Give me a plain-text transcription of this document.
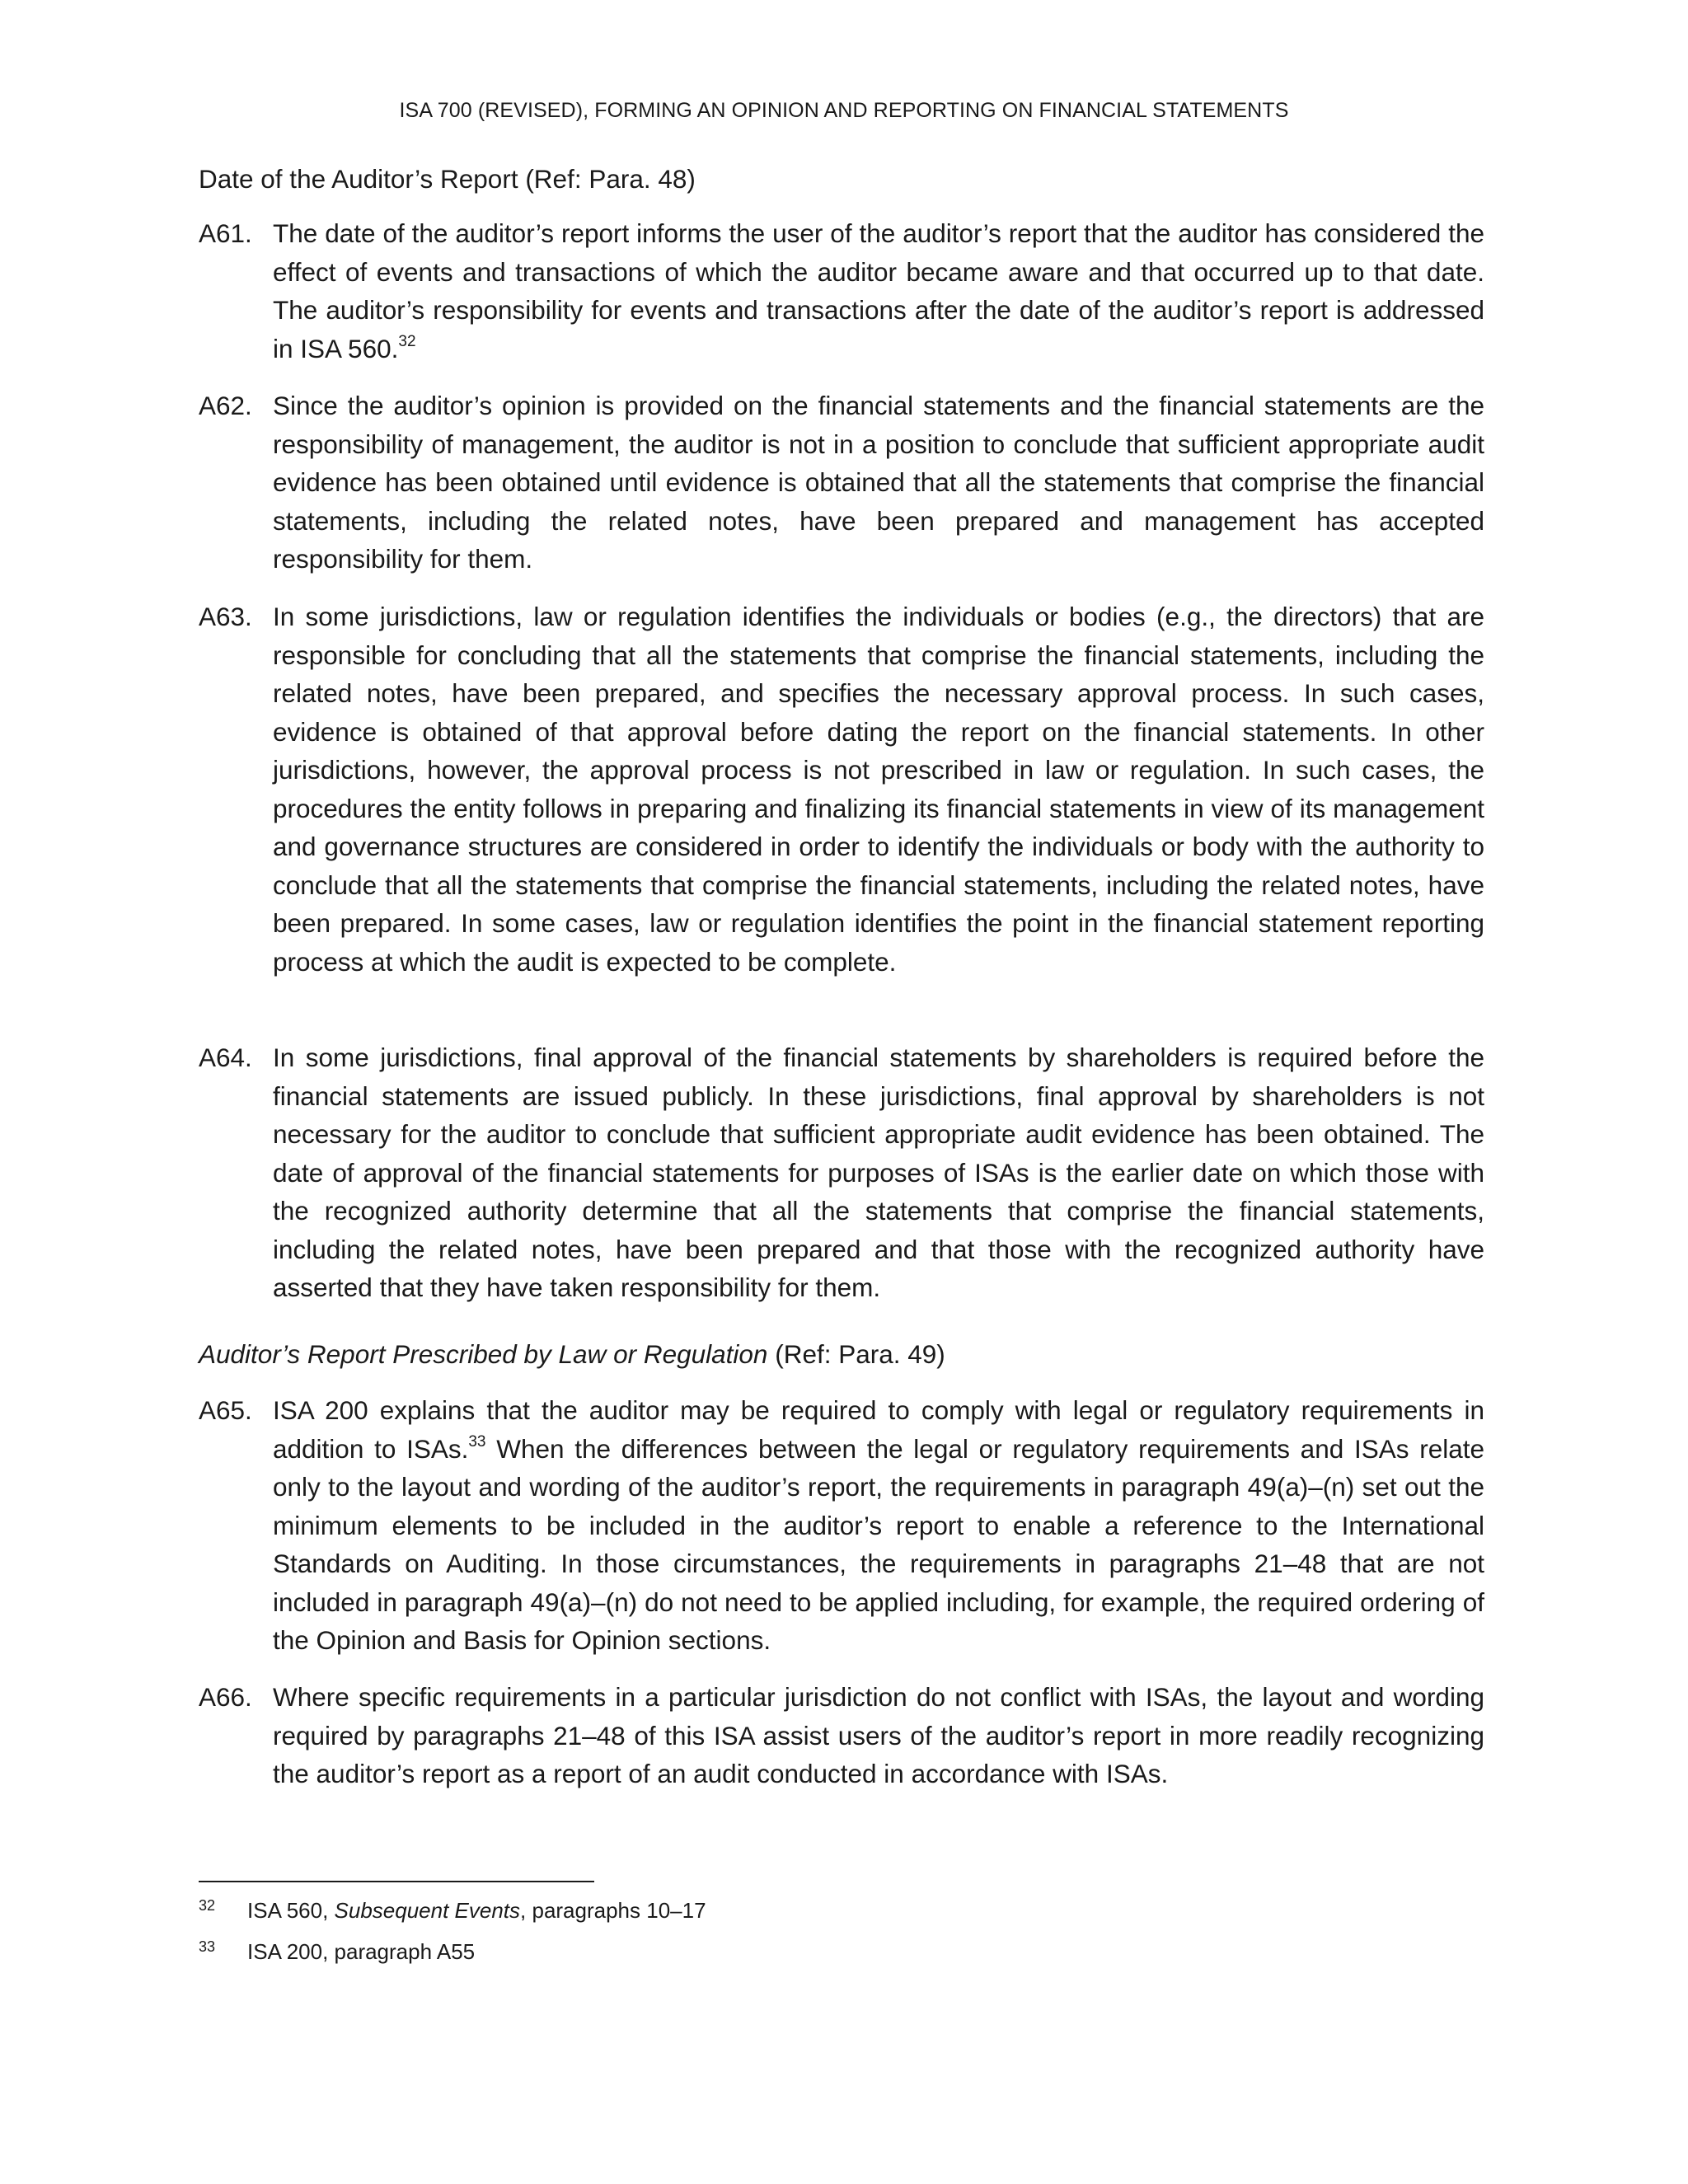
ISA 700 (REVISED), FORMING AN OPINION AND REPORTING ON FINANCIAL STATEMENTS
Date of the Auditor’s Report (Ref: Para. 48)
A61. The date of the auditor’s report informs the user of the auditor’s report that the auditor has considered the effect of events and transactions of which the auditor became aware and that occurred up to that date. The auditor’s responsibility for events and transactions after the date of the auditor’s report is addressed in ISA 560.32
A62. Since the auditor’s opinion is provided on the financial statements and the financial statements are the responsibility of management, the auditor is not in a position to conclude that sufficient appropriate audit evidence has been obtained until evidence is obtained that all the statements that comprise the financial statements, including the related notes, have been prepared and management has accepted responsibility for them.
A63. In some jurisdictions, law or regulation identifies the individuals or bodies (e.g., the directors) that are responsible for concluding that all the statements that comprise the financial statements, including the related notes, have been prepared, and specifies the necessary approval process. In such cases, evidence is obtained of that approval before dating the report on the financial statements. In other jurisdictions, however, the approval process is not prescribed in law or regulation. In such cases, the procedures the entity follows in preparing and finalizing its financial statements in view of its management and governance structures are considered in order to identify the individuals or body with the authority to conclude that all the statements that comprise the financial statements, including the related notes, have been prepared. In some cases, law or regulation identifies the point in the financial statement reporting process at which the audit is expected to be complete.
A64. In some jurisdictions, final approval of the financial statements by shareholders is required before the financial statements are issued publicly. In these jurisdictions, final approval by shareholders is not necessary for the auditor to conclude that sufficient appropriate audit evidence has been obtained. The date of approval of the financial statements for purposes of ISAs is the earlier date on which those with the recognized authority determine that all the statements that comprise the financial statements, including the related notes, have been prepared and that those with the recognized authority have asserted that they have taken responsibility for them.
Auditor’s Report Prescribed by Law or Regulation (Ref: Para. 49)
A65. ISA 200 explains that the auditor may be required to comply with legal or regulatory requirements in addition to ISAs.$^{33}$ When the differences between the legal or regulatory requirements and ISAs relate only to the layout and wording of the auditor’s report, the requirements in paragraph 49(a)–(n) set out the minimum elements to be included in the auditor’s report to enable a reference to the International Standards on Auditing. In those circumstances, the requirements in paragraphs 21–48 that are not included in paragraph 49(a)–(n) do not need to be applied including, for example, the required ordering of the Opinion and Basis for Opinion sections.
A66. Where specific requirements in a particular jurisdiction do not conflict with ISAs, the layout and wording required by paragraphs 21–48 of this ISA assist users of the auditor’s report in more readily recognizing the auditor’s report as a report of an audit conducted in accordance with ISAs.
32 ISA 560, Subsequent Events, paragraphs 10–17
33 ISA 200, paragraph A55
